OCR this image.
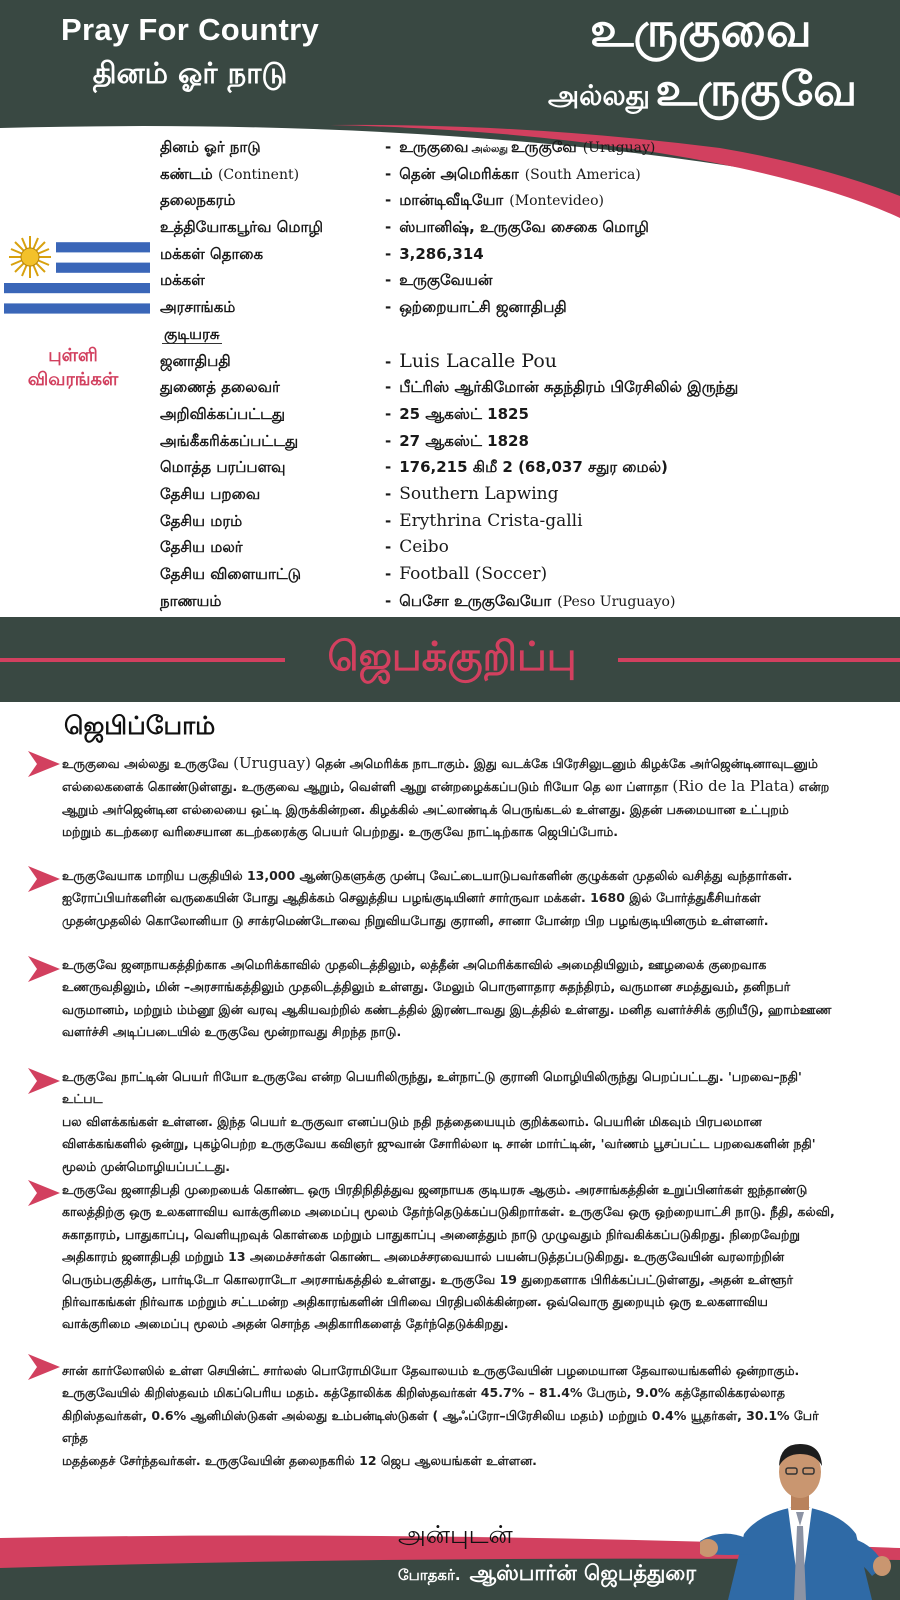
Pray For Country
தினம் ஓர் நாடு
உருகுவை
அல்லது உருகுவே
புள்ளி
விவரங்கள்
தினம் ஓர் நாடு	- உருகுவை அல்லது உருகுவே (Uruguay)
கண்டம் (Continent)	- தென் அமெரிக்கா (South America)
தலைநகரம்	- மான்டிவீடியோ (Montevideo)
உத்தியோகபூர்வ மொழி	- ஸ்பானிஷ், உருகுவே சைகை மொழி
மக்கள் தொகை	- 3,286,314
மக்கள்	- உருகுவேயன்
அரசாங்கம்	- ஒற்றையாட்சி ஜனாதிபதி
குடியரசு
ஜனாதிபதி	- Luis Lacalle Pou
துணைத் தலைவர்	- பீட்ரிஸ் ஆர்கிமோன் சுதந்திரம் பிரேசிலில் இருந்து
அறிவிக்கப்பட்டது	- 25 ஆகஸ்ட் 1825
அங்கீகரிக்கப்பட்டது	- 27 ஆகஸ்ட் 1828
மொத்த பரப்பளவு	- 176,215 கிமீ 2 (68,037 சதுர மைல்)
தேசிய பறவை	- Southern Lapwing
தேசிய மரம்	- Erythrina Crista-galli
தேசிய மலர்	- Ceibo
தேசிய விளையாட்டு	- Football (Soccer)
நாணயம்	- பெசோ உருகுவேயோ (Peso Uruguayo)
ஜெபக்குறிப்பு
ஜெபிப்போம்
உருகுவை அல்லது உருகுவே (Uruguay) தென் அமெரிக்க நாடாகும். இது வடக்கே பிரேசிலுடனும் கிழக்கே அர்ஜென்டினாவுடனும்
எல்லைகளைக் கொண்டுள்ளது. உருகுவை ஆறும், வெள்ளி ஆறு என்றழைக்கப்படும் ரியோ தெ லா ப்ளாதா (Rio de la Plata) என்ற
ஆறும் அர்ஜென்டின எல்லையை ஒட்டி இருக்கின்றன. கிழக்கில் அட்லாண்டிக் பெருங்கடல் உள்ளது. இதன் பசுமையான உட்புறம்
மற்றும் கடற்கரை வரிசையான கடற்கரைக்கு பெயர் பெற்றது. உருகுவே நாட்டிற்காக ஜெபிப்போம்.
உருகுவேயாக மாறிய பகுதியில் 13,000 ஆண்டுகளுக்கு முன்பு வேட்டையாடுபவர்களின் குழுக்கள் முதலில் வசித்து வந்தார்கள்.
ஐரோப்பியர்களின் வருகையின் போது ஆதிக்கம் செலுத்திய பழங்குடியினர் சார்ருவா மக்கள். 1680 இல் போர்த்துகீசியர்கள்
முதன்முதலில் கொலோனியா டு சாக்ரமெண்டோவை நிறுவியபோது குரானி, சானா போன்ற பிற பழங்குடியினரும் உள்ளனர்.
உருகுவே ஜனநாயகத்திற்காக அமெரிக்காவில் முதலிடத்திலும், லத்தீன் அமெரிக்காவில் அமைதியிலும், ஊழலைக் குறைவாக
உணருவதிலும், மின் –அரசாங்கத்திலும் முதலிடத்திலும் உள்ளது. மேலும் பொருளாதார சுதந்திரம், வருமான சமத்துவம், தனிநபர்
வருமானம், மற்றும் ம்ம்னூ இன் வரவு ஆகியவற்றில் கண்டத்தில் இரண்டாவது இடத்தில் உள்ளது. மனித வளர்ச்சிக் குறியீடு, ஹாம்ஊண
வளர்ச்சி அடிப்படையில் உருகுவே மூன்றாவது சிறந்த நாடு.
உருகுவே நாட்டின் பெயர் ரியோ உருகுவே என்ற பெயரிலிருந்து, உள்நாட்டு குரானி மொழியிலிருந்து பெறப்பட்டது. 'பறவை–நதி' உட்பட
பல விளக்கங்கள் உள்ளன. இந்த பெயர் உருகுவா எனப்படும் நதி நத்தையையும் குறிக்கலாம். பெயரின் மிகவும் பிரபலமான
விளக்கங்களில் ஒன்று, புகழ்பெற்ற உருகுவேய கவிஞர் ஜுவான் சோரில்லா டி சான் மார்ட்டின், 'வர்ணம் பூசப்பட்ட பறவைகளின் நதி'
மூலம் முன்மொழியப்பட்டது.
உருகுவே ஜனாதிபதி முறையைக் கொண்ட ஒரு பிரதிநிதித்துவ ஜனநாயக குடியரசு ஆகும். அரசாங்கத்தின் உறுப்பினர்கள் ஐந்தாண்டு
காலத்திற்கு ஒரு உலகளாவிய வாக்குரிமை அமைப்பு மூலம் தேர்ந்தெடுக்கப்படுகிறார்கள். உருகுவே ஒரு ஒற்றையாட்சி நாடு. நீதி, கல்வி,
சுகாதாரம், பாதுகாப்பு, வெளியுறவுக் கொள்கை மற்றும் பாதுகாப்பு அனைத்தும் நாடு முழுவதும் நிர்வகிக்கப்படுகிறது. நிறைவேற்று
அதிகாரம் ஜனாதிபதி மற்றும் 13 அமைச்சர்கள் கொண்ட அமைச்சரவையால் பயன்படுத்தப்படுகிறது. உருகுவேயின் வரலாற்றின்
பெரும்பகுதிக்கு, பார்டிடோ கொலராடோ அரசாங்கத்தில் உள்ளது. உருகுவே 19 துறைகளாக பிரிக்கப்பட்டுள்ளது, அதன் உள்ளூர்
நிர்வாகங்கள் நிர்வாக மற்றும் சட்டமன்ற அதிகாரங்களின் பிரிவை பிரதிபலிக்கின்றன. ஒவ்வொரு துறையும் ஒரு உலகளாவிய
வாக்குரிமை அமைப்பு மூலம் அதன் சொந்த அதிகாரிகளைத் தேர்ந்தெடுக்கிறது.
சான் கார்லோஸில் உள்ள செயின்ட் சார்லஸ் பொரோமியோ தேவாலயம் உருகுவேயின் பழமையான தேவாலயங்களில் ஒன்றாகும்.
உருகுவேயில் கிறிஸ்தவம் மிகப்பெரிய மதம். கத்தோலிக்க கிறிஸ்தவர்கள் 45.7% – 81.4% பேரும், 9.0% கத்தோலிக்கரல்லாத
கிறிஸ்தவர்கள், 0.6% ஆனிமிஸ்டுகள் அல்லது உம்பன்டிஸ்டுகள் ( ஆஃப்ரோ–பிரேசிலிய மதம்) மற்றும் 0.4% யூதர்கள், 30.1% பேர் எந்த
மதத்தைச் சேர்ந்தவர்கள். உருகுவேயின் தலைநகரில் 12 ஜெப ஆலயங்கள் உள்ளன.
அன்புடன்
போதகர். ஆஸ்பார்ன் ஜெபத்துரை
